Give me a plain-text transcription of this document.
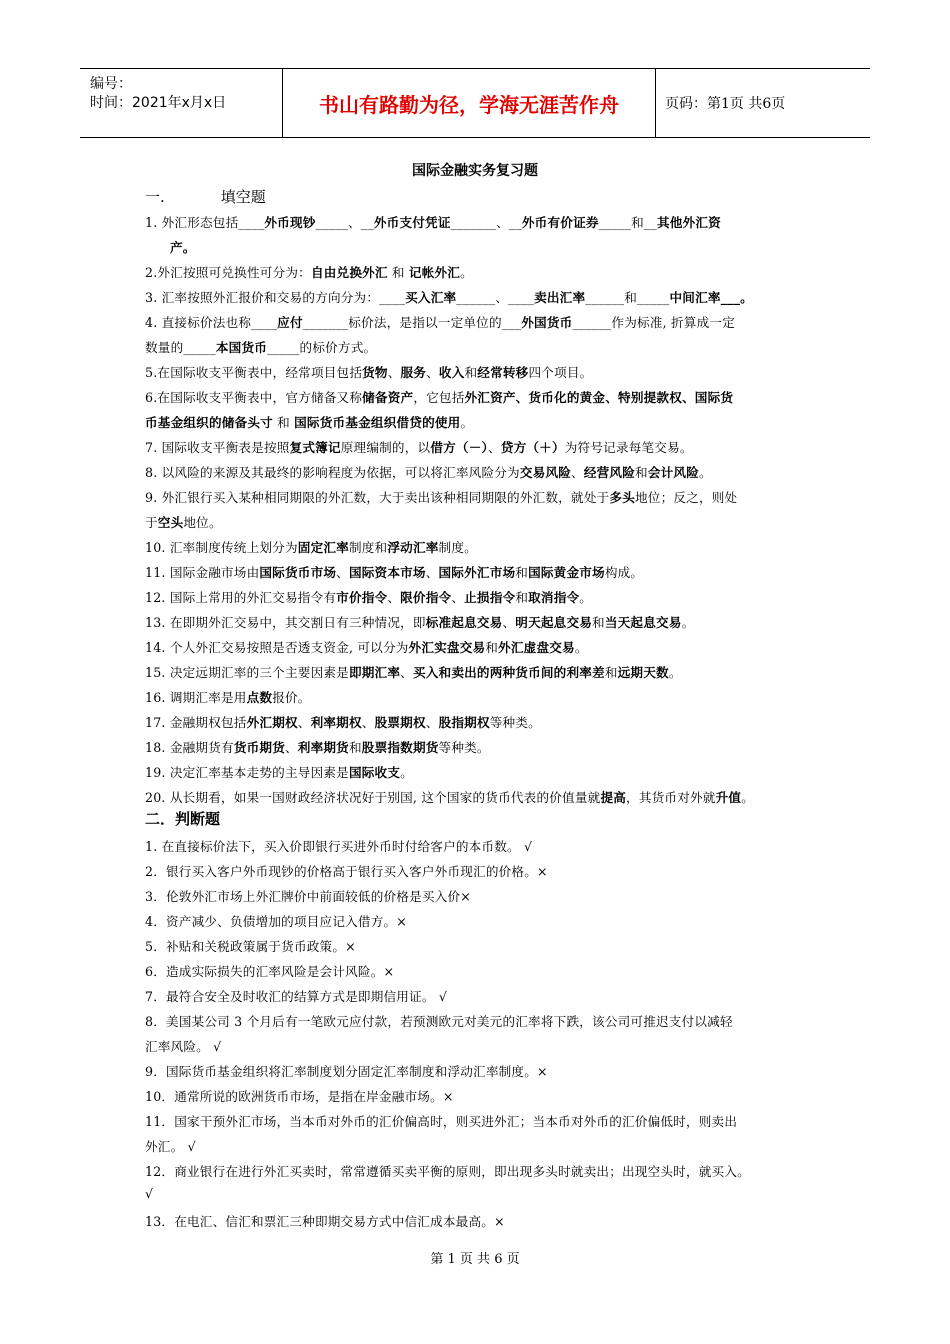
编号：
时间：2021年x月x日	书山有路勤为径，学海无涯苦作舟	页码：第1页 共6页
国际金融实务复习题
一.	填空题
1. 外汇形态包括____外币现钞_____、__外币支付凭证_______、__外币有价证券_____和__其他外汇资
产。
2.外汇按照可兑换性可分为：自由兑换外汇 和 记帐外汇。
3. 汇率按照外汇报价和交易的方向分为：____买入汇率______、____卖出汇率______和_____中间汇率___。
4. 直接标价法也称____应付_______标价法，是指以一定单位的___外国货币______作为标准, 折算成一定
数量的_____本国货币_____的标价方式。
5.在国际收支平衡表中，经常项目包括货物、服务、收入和经常转移四个项目。
6.在国际收支平衡表中，官方储备又称储备资产，它包括外汇资产、货币化的黄金、特别提款权、国际货
币基金组织的储备头寸 和 国际货币基金组织借贷的使用。
7. 国际收支平衡表是按照复式簿记原理编制的，以借方（－）、贷方（＋）为符号记录每笔交易。
8. 以风险的来源及其最终的影响程度为依据，可以将汇率风险分为交易风险、经营风险和会计风险。
9. 外汇银行买入某种相同期限的外汇数，大于卖出该种相同期限的外汇数，就处于多头地位；反之，则处
于空头地位。
10. 汇率制度传统上划分为固定汇率制度和浮动汇率制度。
11. 国际金融市场由国际货币市场、国际资本市场、国际外汇市场和国际黄金市场构成。
12. 国际上常用的外汇交易指令有市价指令、限价指令、止损指令和取消指令。
13. 在即期外汇交易中，其交割日有三种情况，即标准起息交易、明天起息交易和当天起息交易。
14. 个人外汇交易按照是否透支资金, 可以分为外汇实盘交易和外汇虚盘交易。
15. 决定远期汇率的三个主要因素是即期汇率、买入和卖出的两种货币间的利率差和远期天数。
16. 调期汇率是用点数报价。
17. 金融期权包括外汇期权、利率期权、股票期权、股指期权等种类。
18. 金融期货有货币期货、利率期货和股票指数期货等种类。
19. 决定汇率基本走势的主导因素是国际收支。
20. 从长期看，如果一国财政经济状况好于别国, 这个国家的货币代表的价值量就提高，其货币对外就升值。
二．判断题
1. 在直接标价法下，买入价即银行买进外币时付给客户的本币数。 √
2．银行买入客户外币现钞的价格高于银行买入客户外币现汇的价格。×
3．伦敦外汇市场上外汇牌价中前面较低的价格是买入价×
4．资产减少、负债增加的项目应记入借方。×
5．补贴和关税政策属于货币政策。×
6．造成实际损失的汇率风险是会计风险。×
7．最符合安全及时收汇的结算方式是即期信用证。 √
8．美国某公司 3 个月后有一笔欧元应付款，若预测欧元对美元的汇率将下跌，该公司可推迟支付以减轻
汇率风险。 √
9．国际货币基金组织将汇率制度划分固定汇率制度和浮动汇率制度。×
10．通常所说的欧洲货币市场，是指在岸金融市场。×
11．国家干预外汇市场，当本币对外币的汇价偏高时，则买进外汇；当本币对外币的汇价偏低时，则卖出
外汇。 √
12．商业银行在进行外汇买卖时，常常遵循买卖平衡的原则，即出现多头时就卖出；出现空头时，就买入。
√
13．在电汇、信汇和票汇三种即期交易方式中信汇成本最高。×
第 1 页 共 6 页
